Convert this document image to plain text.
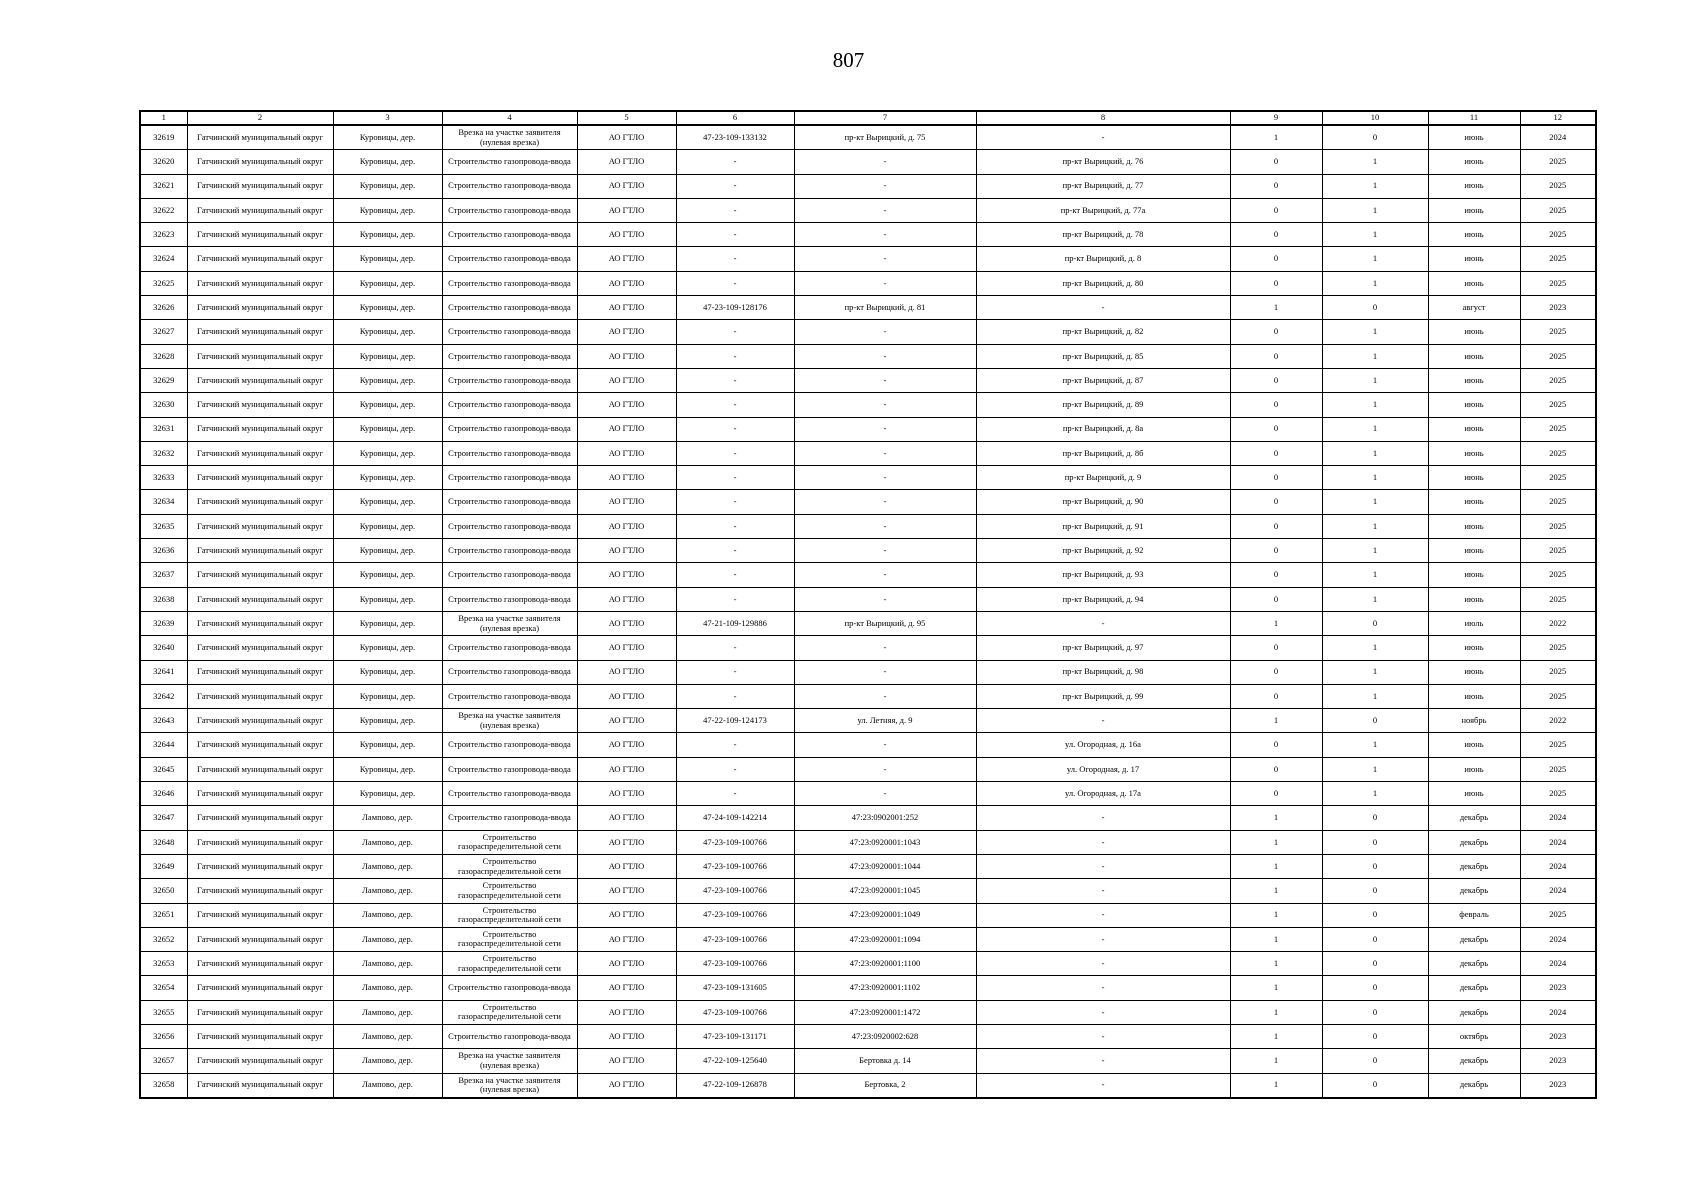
807
1	2	3	4	5	6	7	8	9	10	11	12
32619	Гатчинский муниципальный округ	Куровицы, дер.	Врезка на участке заявителя (нулевая врезка)	АО ГТЛО	47-23-109-133132	пр-кт Вырицкий, д. 75	-	1	0	июнь	2024
32620	Гатчинский муниципальный округ	Куровицы, дер.	Строительство газопровода-ввода	АО ГТЛО	-	-	пр-кт Вырицкий, д. 76	0	1	июнь	2025
32621	Гатчинский муниципальный округ	Куровицы, дер.	Строительство газопровода-ввода	АО ГТЛО	-	-	пр-кт Вырицкий, д. 77	0	1	июнь	2025
32622	Гатчинский муниципальный округ	Куровицы, дер.	Строительство газопровода-ввода	АО ГТЛО	-	-	пр-кт Вырицкий, д. 77а	0	1	июнь	2025
32623	Гатчинский муниципальный округ	Куровицы, дер.	Строительство газопровода-ввода	АО ГТЛО	-	-	пр-кт Вырицкий, д. 78	0	1	июнь	2025
32624	Гатчинский муниципальный округ	Куровицы, дер.	Строительство газопровода-ввода	АО ГТЛО	-	-	пр-кт Вырицкий, д. 8	0	1	июнь	2025
32625	Гатчинский муниципальный округ	Куровицы, дер.	Строительство газопровода-ввода	АО ГТЛО	-	-	пр-кт Вырицкий, д. 80	0	1	июнь	2025
32626	Гатчинский муниципальный округ	Куровицы, дер.	Строительство газопровода-ввода	АО ГТЛО	47-23-109-128176	пр-кт Вырицкий, д. 81	-	1	0	август	2023
32627	Гатчинский муниципальный округ	Куровицы, дер.	Строительство газопровода-ввода	АО ГТЛО	-	-	пр-кт Вырицкий, д. 82	0	1	июнь	2025
32628	Гатчинский муниципальный округ	Куровицы, дер.	Строительство газопровода-ввода	АО ГТЛО	-	-	пр-кт Вырицкий, д. 85	0	1	июнь	2025
32629	Гатчинский муниципальный округ	Куровицы, дер.	Строительство газопровода-ввода	АО ГТЛО	-	-	пр-кт Вырицкий, д. 87	0	1	июнь	2025
32630	Гатчинский муниципальный округ	Куровицы, дер.	Строительство газопровода-ввода	АО ГТЛО	-	-	пр-кт Вырицкий, д. 89	0	1	июнь	2025
32631	Гатчинский муниципальный округ	Куровицы, дер.	Строительство газопровода-ввода	АО ГТЛО	-	-	пр-кт Вырицкий, д. 8а	0	1	июнь	2025
32632	Гатчинский муниципальный округ	Куровицы, дер.	Строительство газопровода-ввода	АО ГТЛО	-	-	пр-кт Вырицкий, д. 8б	0	1	июнь	2025
32633	Гатчинский муниципальный округ	Куровицы, дер.	Строительство газопровода-ввода	АО ГТЛО	-	-	пр-кт Вырицкий, д. 9	0	1	июнь	2025
32634	Гатчинский муниципальный округ	Куровицы, дер.	Строительство газопровода-ввода	АО ГТЛО	-	-	пр-кт Вырицкий, д. 90	0	1	июнь	2025
32635	Гатчинский муниципальный округ	Куровицы, дер.	Строительство газопровода-ввода	АО ГТЛО	-	-	пр-кт Вырицкий, д. 91	0	1	июнь	2025
32636	Гатчинский муниципальный округ	Куровицы, дер.	Строительство газопровода-ввода	АО ГТЛО	-	-	пр-кт Вырицкий, д. 92	0	1	июнь	2025
32637	Гатчинский муниципальный округ	Куровицы, дер.	Строительство газопровода-ввода	АО ГТЛО	-	-	пр-кт Вырицкий, д. 93	0	1	июнь	2025
32638	Гатчинский муниципальный округ	Куровицы, дер.	Строительство газопровода-ввода	АО ГТЛО	-	-	пр-кт Вырицкий, д. 94	0	1	июнь	2025
32639	Гатчинский муниципальный округ	Куровицы, дер.	Врезка на участке заявителя (нулевая врезка)	АО ГТЛО	47-21-109-129886	пр-кт Вырицкий, д. 95	-	1	0	июль	2022
32640	Гатчинский муниципальный округ	Куровицы, дер.	Строительство газопровода-ввода	АО ГТЛО	-	-	пр-кт Вырицкий, д. 97	0	1	июнь	2025
32641	Гатчинский муниципальный округ	Куровицы, дер.	Строительство газопровода-ввода	АО ГТЛО	-	-	пр-кт Вырицкий, д. 98	0	1	июнь	2025
32642	Гатчинский муниципальный округ	Куровицы, дер.	Строительство газопровода-ввода	АО ГТЛО	-	-	пр-кт Вырицкий, д. 99	0	1	июнь	2025
32643	Гатчинский муниципальный округ	Куровицы, дер.	Врезка на участке заявителя (нулевая врезка)	АО ГТЛО	47-22-109-124173	ул. Летняя, д. 9	-	1	0	ноябрь	2022
32644	Гатчинский муниципальный округ	Куровицы, дер.	Строительство газопровода-ввода	АО ГТЛО	-	-	ул. Огородная, д. 16а	0	1	июнь	2025
32645	Гатчинский муниципальный округ	Куровицы, дер.	Строительство газопровода-ввода	АО ГТЛО	-	-	ул. Огородная, д. 17	0	1	июнь	2025
32646	Гатчинский муниципальный округ	Куровицы, дер.	Строительство газопровода-ввода	АО ГТЛО	-	-	ул. Огородная, д. 17а	0	1	июнь	2025
32647	Гатчинский муниципальный округ	Лампово, дер.	Строительство газопровода-ввода	АО ГТЛО	47-24-109-142214	47:23:0902001:252	-	1	0	декабрь	2024
32648	Гатчинский муниципальный округ	Лампово, дер.	Строительство газораспределительной сети	АО ГТЛО	47-23-109-100766	47:23:0920001:1043	-	1	0	декабрь	2024
32649	Гатчинский муниципальный округ	Лампово, дер.	Строительство газораспределительной сети	АО ГТЛО	47-23-109-100766	47:23:0920001:1044	-	1	0	декабрь	2024
32650	Гатчинский муниципальный округ	Лампово, дер.	Строительство газораспределительной сети	АО ГТЛО	47-23-109-100766	47:23:0920001:1045	-	1	0	декабрь	2024
32651	Гатчинский муниципальный округ	Лампово, дер.	Строительство газораспределительной сети	АО ГТЛО	47-23-109-100766	47:23:0920001:1049	-	1	0	февраль	2025
32652	Гатчинский муниципальный округ	Лампово, дер.	Строительство газораспределительной сети	АО ГТЛО	47-23-109-100766	47:23:0920001:1094	-	1	0	декабрь	2024
32653	Гатчинский муниципальный округ	Лампово, дер.	Строительство газораспределительной сети	АО ГТЛО	47-23-109-100766	47:23:0920001:1100	-	1	0	декабрь	2024
32654	Гатчинский муниципальный округ	Лампово, дер.	Строительство газопровода-ввода	АО ГТЛО	47-23-109-131605	47:23:0920001:1102	-	1	0	декабрь	2023
32655	Гатчинский муниципальный округ	Лампово, дер.	Строительство газораспределительной сети	АО ГТЛО	47-23-109-100766	47:23:0920001:1472	-	1	0	декабрь	2024
32656	Гатчинский муниципальный округ	Лампово, дер.	Строительство газопровода-ввода	АО ГТЛО	47-23-109-131171	47:23:0920002:628	-	1	0	октябрь	2023
32657	Гатчинский муниципальный округ	Лампово, дер.	Врезка на участке заявителя (нулевая врезка)	АО ГТЛО	47-22-109-125640	Бертовка д. 14	-	1	0	декабрь	2023
32658	Гатчинский муниципальный округ	Лампово, дер.	Врезка на участке заявителя (нулевая врезка)	АО ГТЛО	47-22-109-126878	Бертовка, 2	-	1	0	декабрь	2023
